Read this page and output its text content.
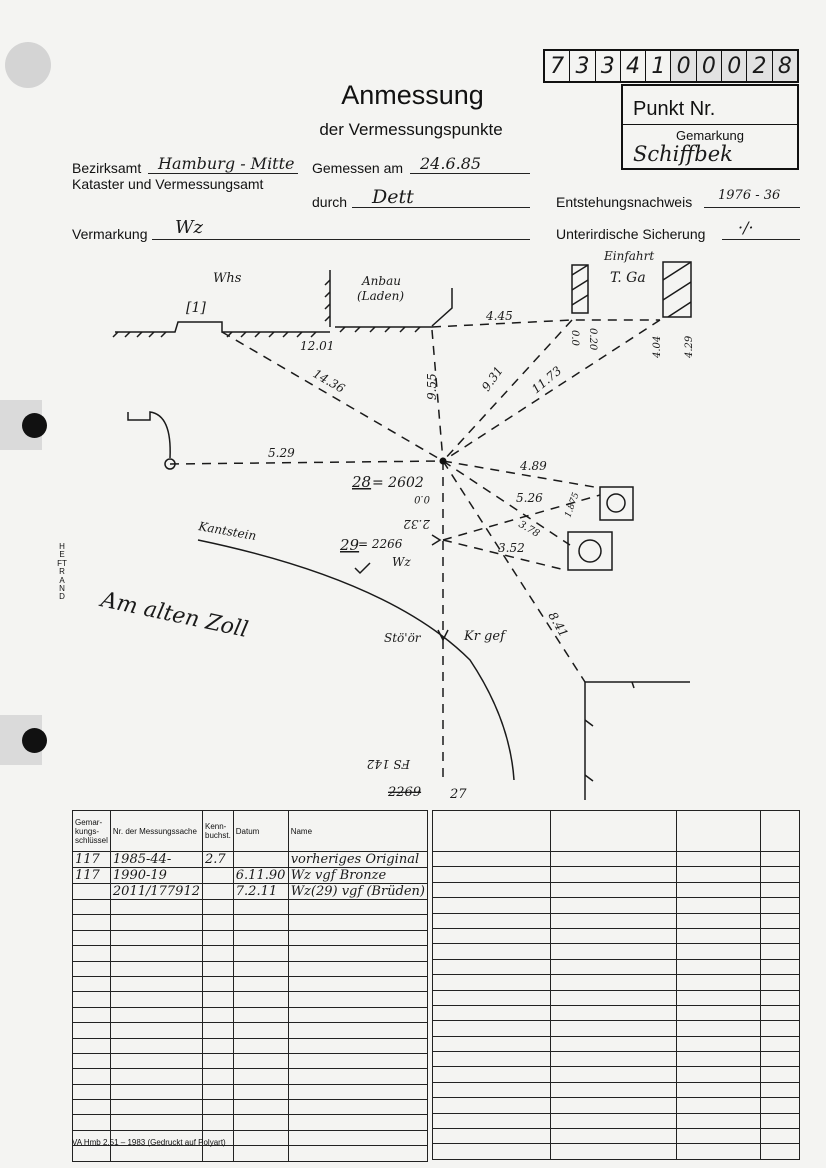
7 3 3 4 1 0 0 0 2 8
Punkt Nr.
Gemarkung
Schiffbek
Anmessung
der Vermessungspunkte
Bezirksamt Hamburg - Mitte
Kataster und Vermessungsamt
Gemessen am 24.6.85
durch Dett	Entstehungsnachweis 1976 - 36
Vermarkung Wz	Unterirdische Sicherung ·/·
HEFTRAND
Whs
[1]
Anbau
(Laden)
Einfahrt
T. Ga
12.01
4.45
0.0 0.20	4.04 4.29
14.36	9.55	9.31 11.73
5.29
4.89
28 = 2602
0.0	5.26 1.875
2.32	3.78
3.52
29
= 2266
Wz
Kantstein
Am alten Zoll	8.41
Stö'ör	Kr gef
FS 142
2269 27
Gemar-kungs-schlüssel	Nr. der Messungssache	Kenn-buchst.	Datum	Name
117	1985-44-	2.7		vorheriges Original
117	1990-19		6.11.90	Wz vgf Bronze
	2011/177912		7.2.11	Wz(29) vgf (Brüden)

VA Hmb 2.51 – 1983 (Gedruckt auf Polyart)
